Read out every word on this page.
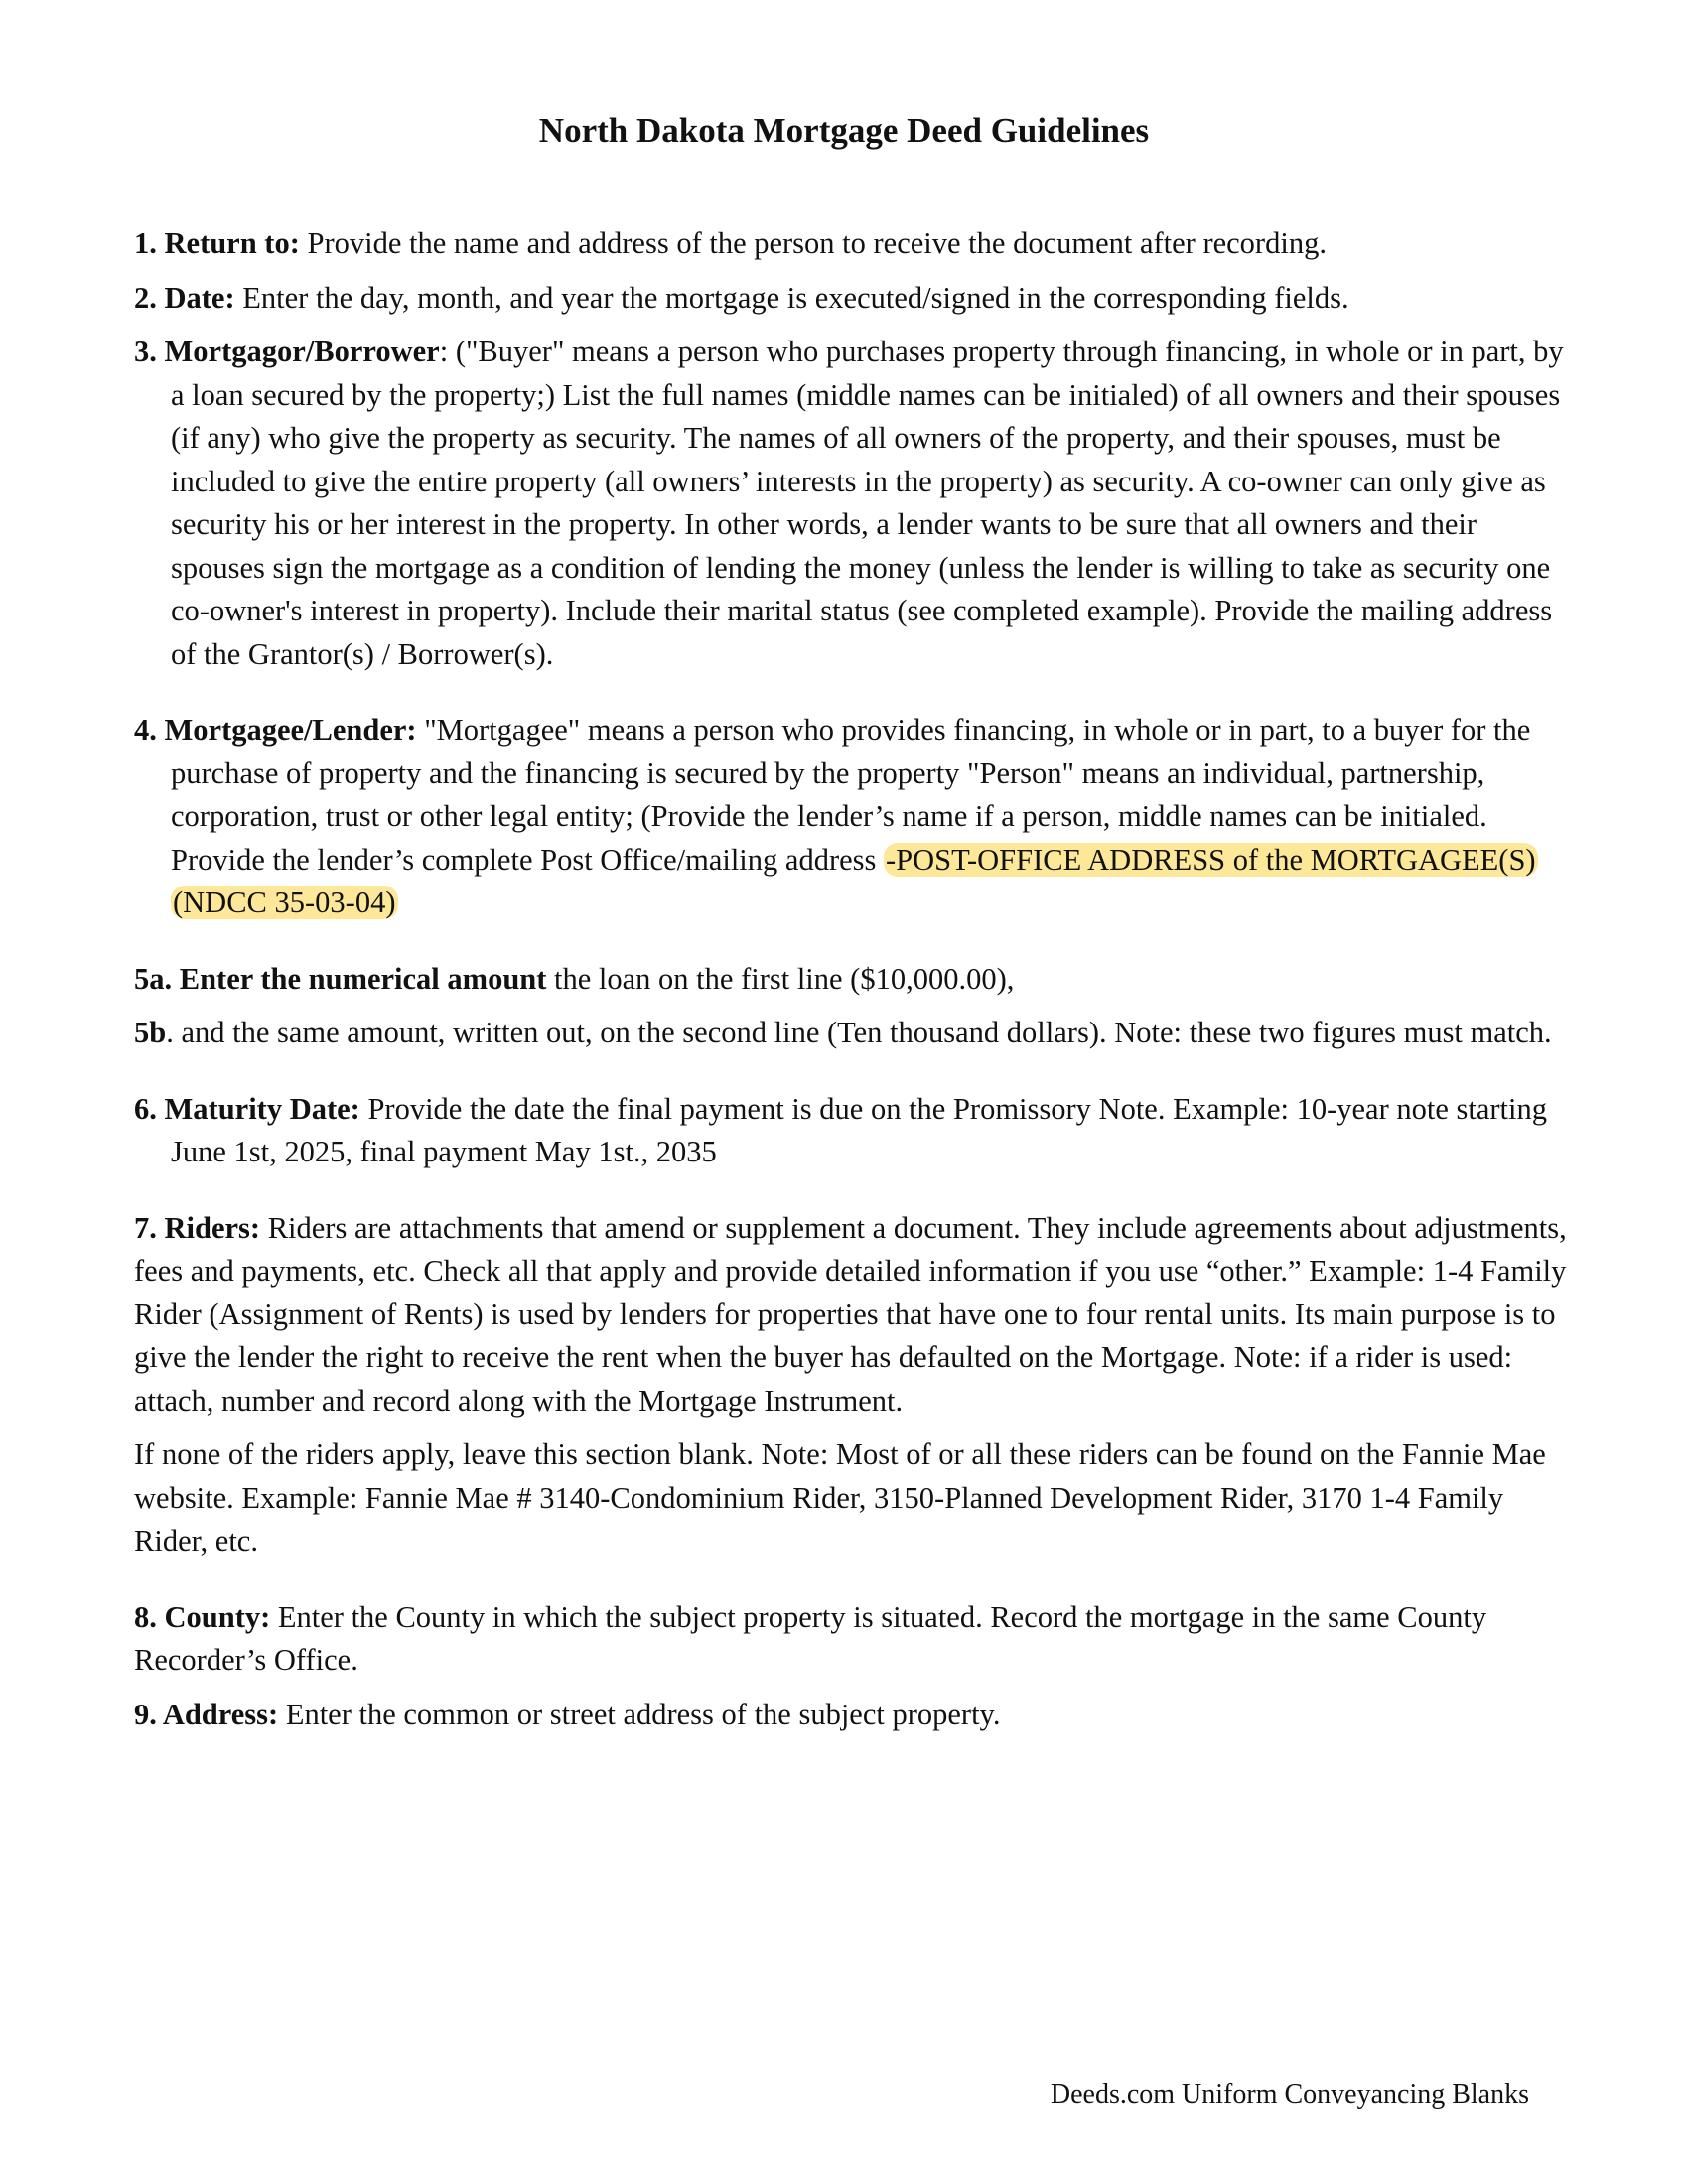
North Dakota Mortgage Deed Guidelines

1. Return to: Provide the name and address of the person to receive the document after recording.

2. Date: Enter the day, month, and year the mortgage is executed/signed in the corresponding fields.

3. Mortgagor/Borrower: ("Buyer" means a person who purchases property through financing, in whole or in part, by a loan secured by the property;) List the full names (middle names can be initialed) of all owners and their spouses (if any) who give the property as security. The names of all owners of the property, and their spouses, must be included to give the entire property (all owners’ interests in the property) as security. A co-owner can only give as security his or her interest in the property. In other words, a lender wants to be sure that all owners and their spouses sign the mortgage as a condition of lending the money (unless the lender is willing to take as security one co-owner's interest in property). Include their marital status (see completed example). Provide the mailing address of the Grantor(s) / Borrower(s).

4. Mortgagee/Lender: "Mortgagee" means a person who provides financing, in whole or in part, to a buyer for the purchase of property and the financing is secured by the property "Person" means an individual, partnership, corporation, trust or other legal entity; (Provide the lender’s name if a person, middle names can be initialed. Provide the lender’s complete Post Office/mailing address -POST-OFFICE ADDRESS of the MORTGAGEE(S) (NDCC 35-03-04)

5a. Enter the numerical amount the loan on the first line ($10,000.00),

5b. and the same amount, written out, on the second line (Ten thousand dollars). Note: these two figures must match.

6. Maturity Date: Provide the date the final payment is due on the Promissory Note. Example: 10-year note starting June 1st, 2025, final payment May 1st., 2035

7. Riders: Riders are attachments that amend or supplement a document. They include agreements about adjustments, fees and payments, etc. Check all that apply and provide detailed information if you use “other.” Example: 1-4 Family Rider (Assignment of Rents) is used by lenders for properties that have one to four rental units. Its main purpose is to give the lender the right to receive the rent when the buyer has defaulted on the Mortgage. Note: if a rider is used: attach, number and record along with the Mortgage Instrument.

If none of the riders apply, leave this section blank. Note: Most of or all these riders can be found on the Fannie Mae website. Example: Fannie Mae # 3140-Condominium Rider, 3150-Planned Development Rider, 3170 1-4 Family Rider, etc.

8. County: Enter the County in which the subject property is situated. Record the mortgage in the same County Recorder’s Office.

9. Address: Enter the common or street address of the subject property.

Deeds.com Uniform Conveyancing Blanks
